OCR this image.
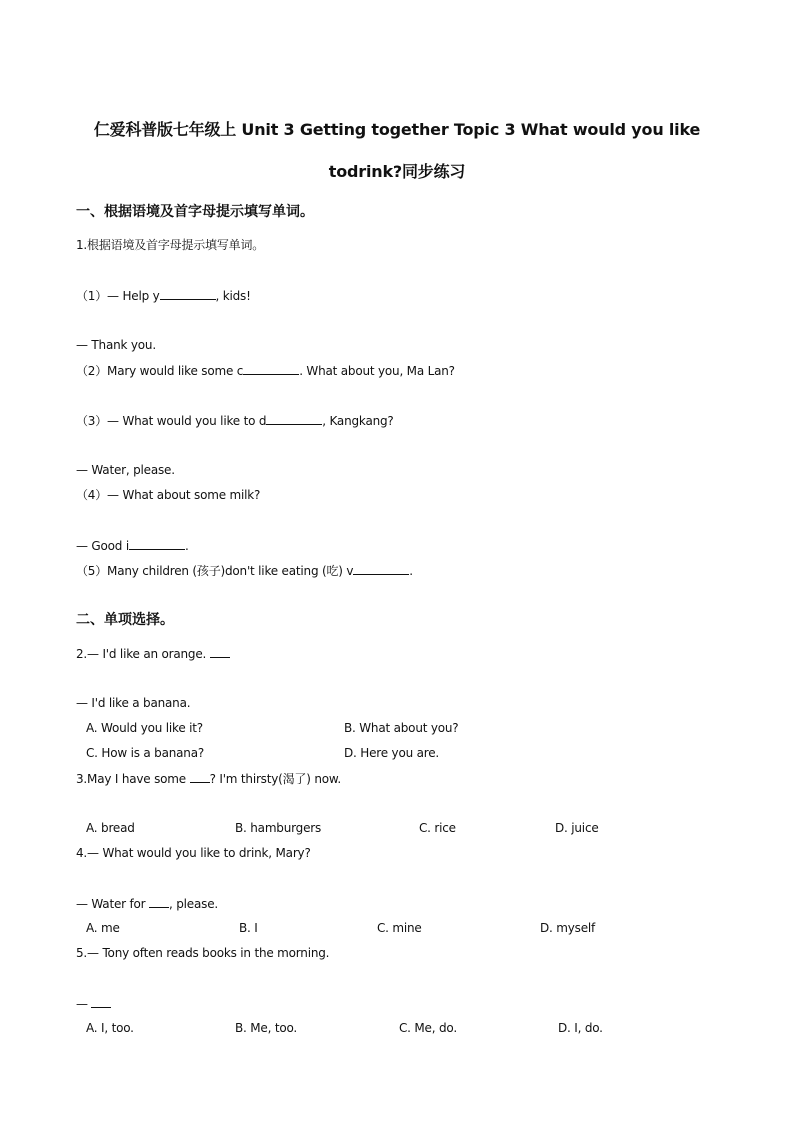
仁爱科普版七年级上 Unit 3 Getting together Topic 3 What would you like
todrink?同步练习
一、根据语境及首字母提示填写单词。
1.根据语境及首字母提示填写单词。
（1）— Help y	, kids!
— Thank you.
（2）Mary would like some c	. What about you, Ma Lan?
（3）— What would you like to d	, Kangkang?
— Water, please.
（4）— What about some milk?
— Good i	.
（5）Many children (孩子)don't like eating (吃) v	.
二、单项选择。
2.— I'd like an orange.
— I'd like a banana.
A. Would you like it?	B. What about you?
C. How is a banana?	D. Here you are.
3.May I have some ? I'm thirsty(渴了) now.
A. bread	B. hamburgers	C. rice	D. juice
4.— What would you like to drink, Mary?
— Water for , please.
A. me	B. I	C. mine	D. myself
5.— Tony often reads books in the morning.
—
A. I, too.	B. Me, too.	C. Me, do.	D. I, do.
